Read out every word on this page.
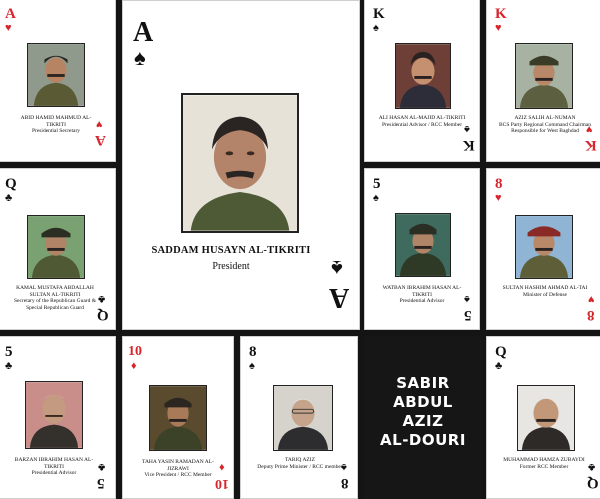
A
♥
ABID HAMID MAHMUD AL-TIKRITI
Presidential Secretary
A
♥
A
♠
SADDAM HUSAYN AL-TIKRITI
President	♠
A
K
♠
ALI HASAN AL-MAJID AL-TIKRITI
Presidential Advisor / RCC Member ♠
K
K
♥
AZIZ SALIH AL-NUMAN
BCS Party Regional Command Chairman Responsible for West Baghdad ♥
K
Q
♣
KAMAL MUSTAFA ABDALLAH SULTAN AL-TIKRITI
Secretary of the Republican Guard & Special Republican Guard
♣
Q
5
♠
WATBAN IBRAHIM HASAN AL-TIKRITI
Presidential Advisor	♠
5
8
♥
SULTAN HASHIM AHMAD AL-TAI
Minister of Defense	♥
8
5
♣
BARZAN IBRAHIM HASAN AL-TIKRITI
Presidential Advisor	♣
5
10
♦
TAHA YASIN RAMADAN AL-JIZRAWI
Vice President / RCC Member
♦
10
8
♠
TARIQ AZIZ
Deputy Prime Minister / RCC member
♠
8
SABIR
ABDUL
AZIZ
AL-DOURI
Q
♣
MUHAMMAD HAMZA ZUBAYDI
Former RCC Member	♣
Q
